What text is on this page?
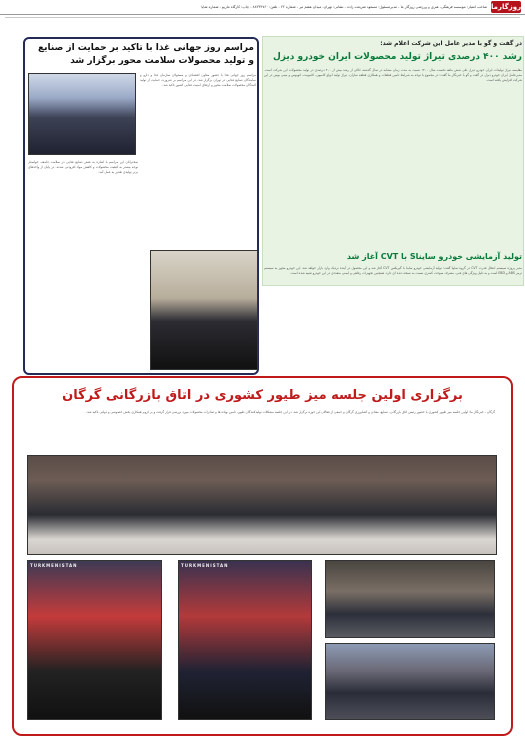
روزگارما
صاحب امتیاز: موسسه فرهنگی، هنری و ورزشی روزگار ما - مدیرمسئول: مسعود شریعت زاده - نشانی: تهران، میدان هفتم تیر - شماره ۲۲ - تلفن: ۸۸۳۴۴۷۶۰ - چاپ: کارگاه ماریو - شماره شاپا
در گفت و گو با مدیر عامل این شرکت اعلام شد:
رشد ۴۰۰ درصدی تیراژ تولید محصولات ایران خودرو دیزل
مقایسه تیراژ تولیدات ایران خودرو دیزل طی شش ماهه نخست سال ۱۴۰۰ نسبت به مدت زمان مشابه در سال گذشته حاکی از رشد بیش از ۴۰۰ درصدی در تولید محصولات این شرکت است. مدیرعامل ایران خودرو دیزل در گفت و گو با خبرنگار ما گفت: در مجموع با توجه به شرایط تامین قطعات و همکاری قطعه سازان، تیراژ تولید انواع کامیون، کامیونت، اتوبوس و مینی بوس در این شرکت افزایش یافته است.
تولید آزمایشی خودرو سایناS با CVT آغاز شد
مدیر پروژه سیستم انتقال قدرت CVT در گروه سایپا گفت: تولید آزمایشی خودرو ساینا با گیربکس CVT آغاز شد و این محصول در آینده نزدیک وارد بازار خواهد شد. این خودرو مجهز به سیستم ترمز ABS و EBD است و به دلیل ویژگی های فنی، مصرف سوخت کمتری نسبت به نسخه دنده ای دارد. همچنین تجهیزات رفاهی و ایمنی متعددی در این خودرو تعبیه شده است.
مراسم روز جهانی غذا با تاکید بر حمایت از صنایع و تولید محصولات سلامت محور برگزار شد
مراسم روز جهانی غذا با حضور معاون اقتصادی و مسئولان سازمان غذا و دارو و نمایندگان صنایع غذایی در تهران برگزار شد. در این مراسم بر ضرورت حمایت از تولید کنندگان محصولات سلامت محور و ارتقای امنیت غذایی کشور تاکید شد.
سخنرانان این مراسم با اشاره به نقش صنایع غذایی در سلامت جامعه، خواستار توجه بیشتر به کیفیت محصولات و کاهش مواد افزودنی شدند. در پایان از واحدهای برتر تولیدی تقدیر به عمل آمد.
برگزاری اولین جلسه میز طیور کشوری در اتاق بازرگانی گرگان
گرگان - خبرنگار ما: اولین جلسه میز طیور کشوری با حضور رئیس اتاق بازرگانی، صنایع، معادن و کشاورزی گرگان و جمعی از فعالان این حوزه برگزار شد. در این جلسه مشکلات تولیدکنندگان طیور، تامین نهاده ها و صادرات محصولات مورد بررسی قرار گرفت و بر لزوم همکاری بخش خصوصی و دولتی تاکید شد.
TURKMENISTAN	TURKMENISTAN
